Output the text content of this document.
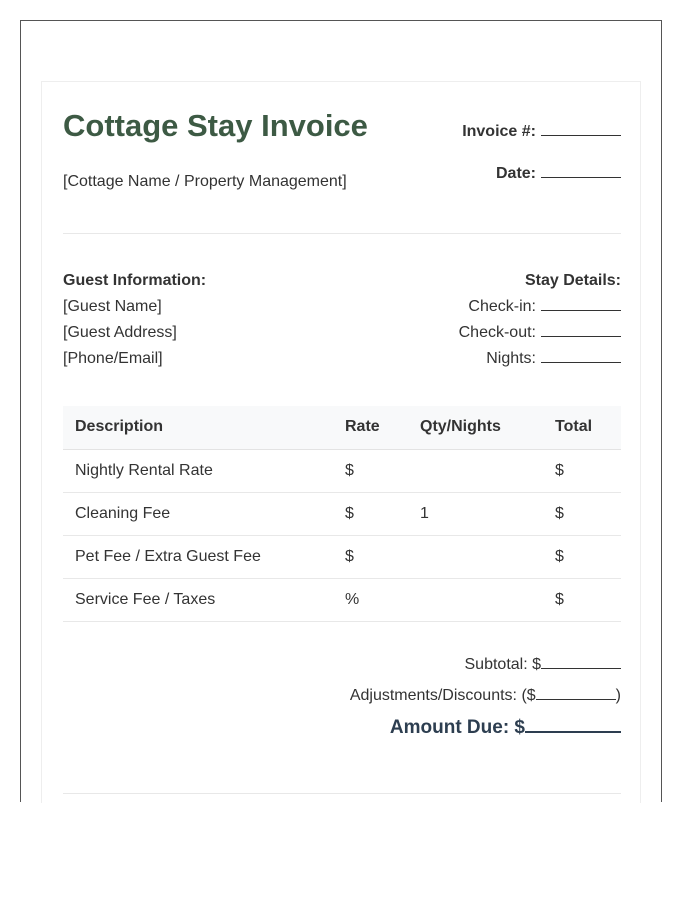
Cottage Stay Invoice
[Cottage Name / Property Management]
Invoice #:
Date:
Guest Information:
[Guest Name]
[Guest Address]
[Phone/Email]
Stay Details:
Check-in:
Check-out:
Nights:
Description	Rate	Qty/Nights	Total
Nightly Rental Rate	$		$
Cleaning Fee	$	1	$
Pet Fee / Extra Guest Fee	$		$
Service Fee / Taxes	%		$
Subtotal: $
Adjustments/Discounts: ($	)
Amount Due: $
